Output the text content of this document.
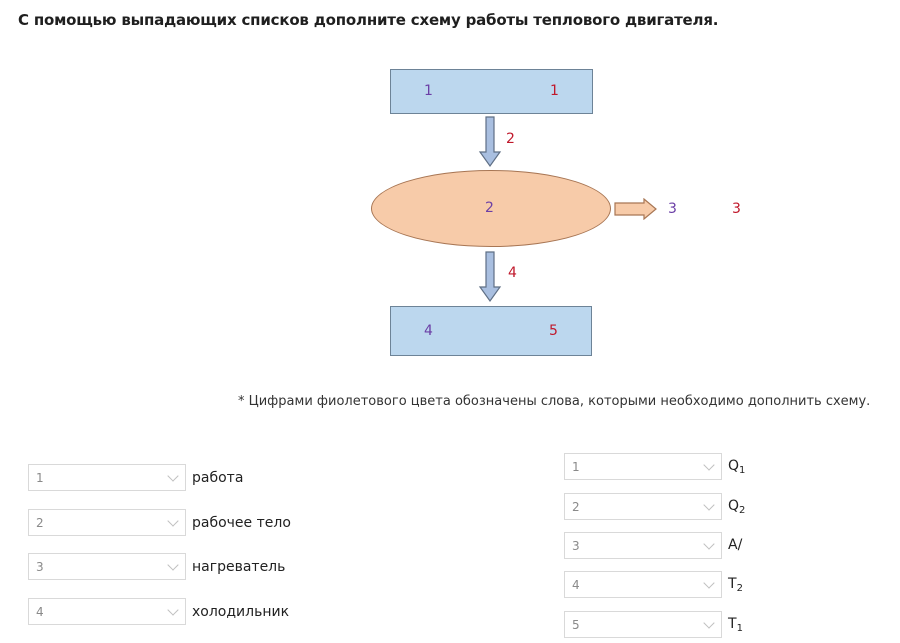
С помощью выпадающих списков дополните схему работы теплового двигателя.
1	1
2
2	3	3
4
4	5
* Цифрами фиолетового цвета обозначены слова, которыми необходимо дополнить схему.
1	работа
2	рабочее тело
3	нагреватель
4	холодильник
1	$Q_1$
2	$Q_2$
3	A/
4	$T_2$
5	$T_1$
